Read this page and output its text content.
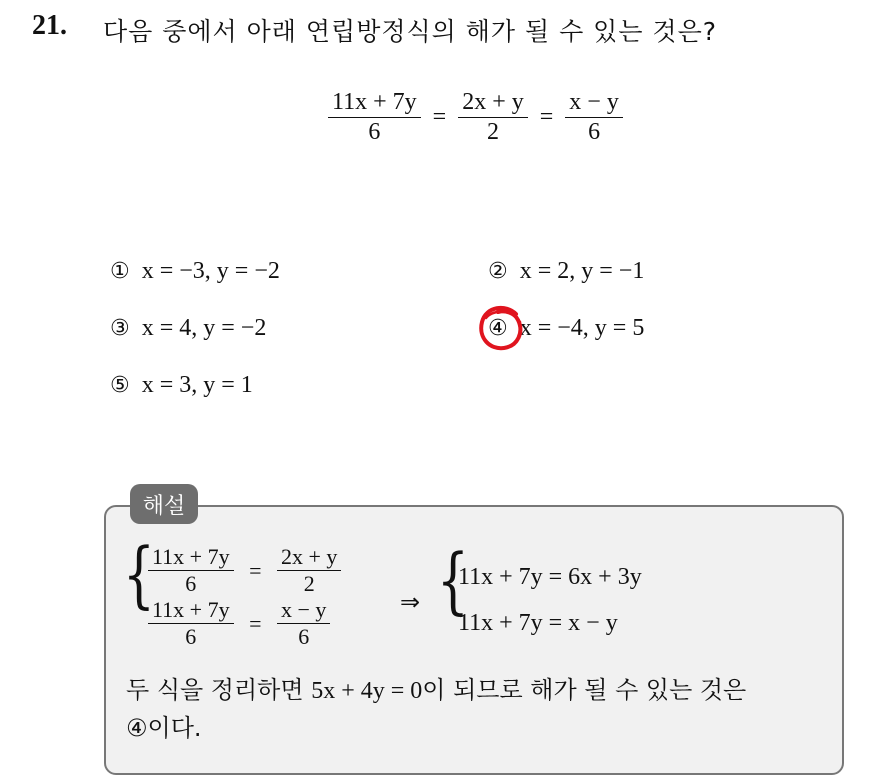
21. 다음 중에서 아래 연립방정식의 해가 될 수 있는 것은?
$\frac{11x + 7y}{6} = \frac{2x + y}{2} = \frac{x - y}{6}$
① x = −3, y = −2	② x = 2, y = −1
③ x = 4, y = −2	④ x = −4, y = 5
⑤ x = 3, y = 1
해설
{
$\frac{11x + 7y}{6} = \frac{2x + y}{2}$
$\frac{11x + 7y}{6} = \frac{x - y}{6}$	⇒ {
11x + 7y = 6x + 3y
11x + 7y = x − y
두 식을 정리하면 5x + 4y = 0이 되므로 해가 될 수 있는 것은
④이다.
